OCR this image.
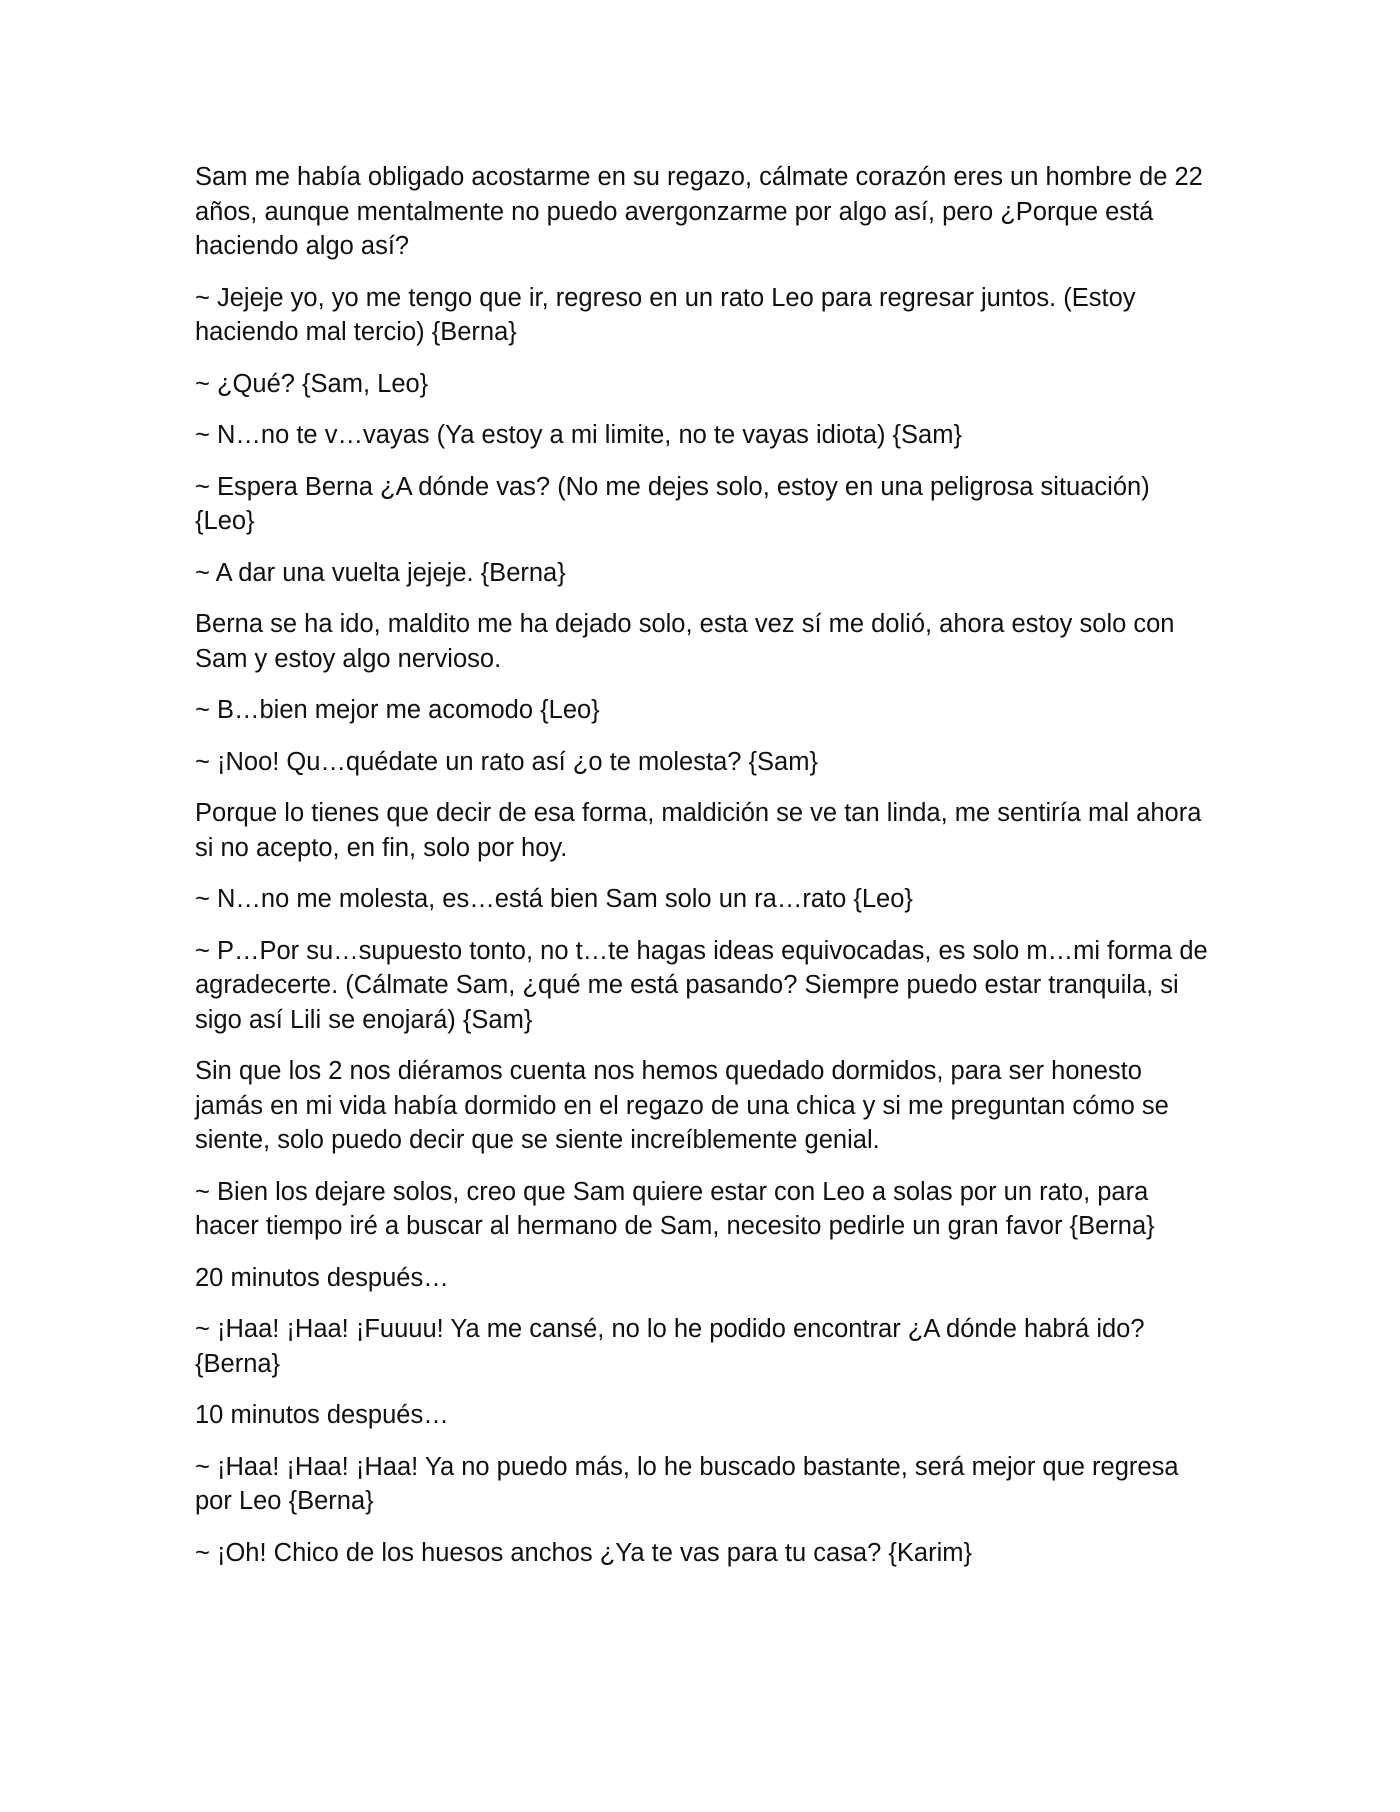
Sam me había obligado acostarme en su regazo, cálmate corazón eres un hombre de 22 años, aunque mentalmente no puedo avergonzarme por algo así, pero ¿Porque está haciendo algo así?

~ Jejeje yo, yo me tengo que ir, regreso en un rato Leo para regresar juntos. (Estoy haciendo mal tercio) {Berna}

~ ¿Qué? {Sam, Leo}

~ N…no te v…vayas (Ya estoy a mi limite, no te vayas idiota) {Sam}

~ Espera Berna ¿A dónde vas? (No me dejes solo, estoy en una peligrosa situación) {Leo}

~ A dar una vuelta jejeje. {Berna}

Berna se ha ido, maldito me ha dejado solo, esta vez sí me dolió, ahora estoy solo con Sam y estoy algo nervioso.

~ B…bien mejor me acomodo {Leo}

~ ¡Noo! Qu…quédate un rato así ¿o te molesta? {Sam}

Porque lo tienes que decir de esa forma, maldición se ve tan linda, me sentiría mal ahora si no acepto, en fin, solo por hoy.

~ N…no me molesta, es…está bien Sam solo un ra…rato {Leo}

~ P…Por su…supuesto tonto, no t…te hagas ideas equivocadas, es solo m…mi forma de agradecerte. (Cálmate Sam, ¿qué me está pasando? Siempre puedo estar tranquila, si sigo así Lili se enojará) {Sam}

Sin que los 2 nos diéramos cuenta nos hemos quedado dormidos, para ser honesto jamás en mi vida había dormido en el regazo de una chica y si me preguntan cómo se siente, solo puedo decir que se siente increíblemente genial.

~ Bien los dejare solos, creo que Sam quiere estar con Leo a solas por un rato, para hacer tiempo iré a buscar al hermano de Sam, necesito pedirle un gran favor {Berna}

20 minutos después…

~ ¡Haa! ¡Haa! ¡Fuuuu! Ya me cansé, no lo he podido encontrar ¿A dónde habrá ido? {Berna}

10 minutos después…

~ ¡Haa! ¡Haa! ¡Haa! Ya no puedo más, lo he buscado bastante, será mejor que regresa por Leo {Berna}

~ ¡Oh! Chico de los huesos anchos ¿Ya te vas para tu casa? {Karim}
